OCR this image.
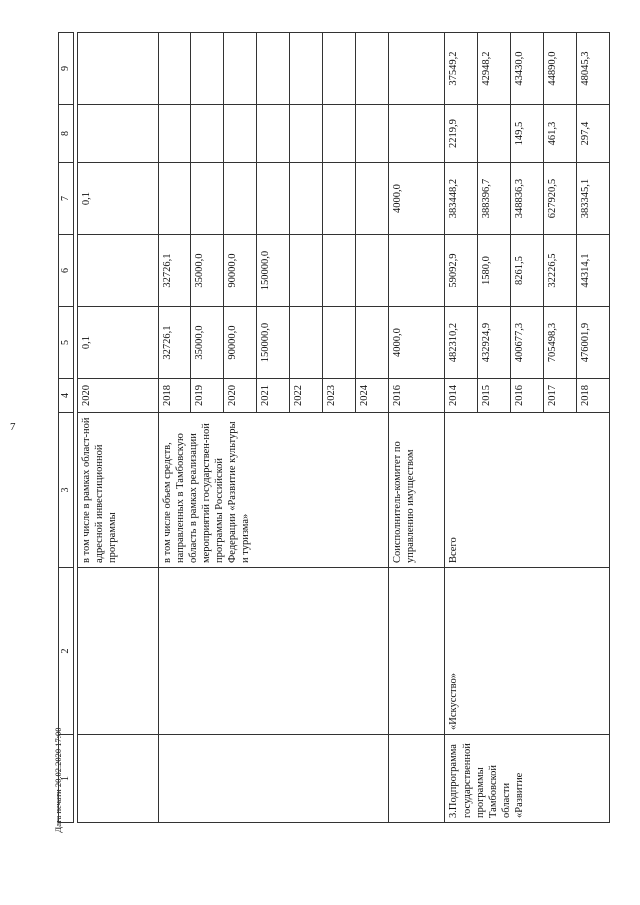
7
Дата печати 20.02.2020 17:00
1	2	3	4	5	6	7	8	9

		в том числе в рамках област-ной адресной инвестиционной программы	2020	0,1		0,1		
		в том числе объем средств, направленных в Тамбовскую область в рамках реализации мероприятий государствен-ной программы Российской Федерации «Развитие культуры и туризма»	2018	32726,1	32726,1			
			2019	35000,0	35000,0			
			2020	90000,0	90000,0			
			2021	150000,0	150000,0			
			2022					
			2023					
			2024					
		Соисполнитель-комитет по управлению имуществом	2016	4000,0		4000,0		
3.Подпрограмма государственной программы Тамбовской области «Развитие	«Искусство»	Всего	2014	482310,2	59092,9	383448,2	2219,9	37549,2
			2015	432924,9	1580,0	388396,7		42948,2
			2016	400677,3	8261,5	348836,3	149,5	43430,0
			2017	705498,3	32226,5	627920,5	461,3	44890,0
			2018	476001,9	44314,1	383345,1	297,4	48045,3
